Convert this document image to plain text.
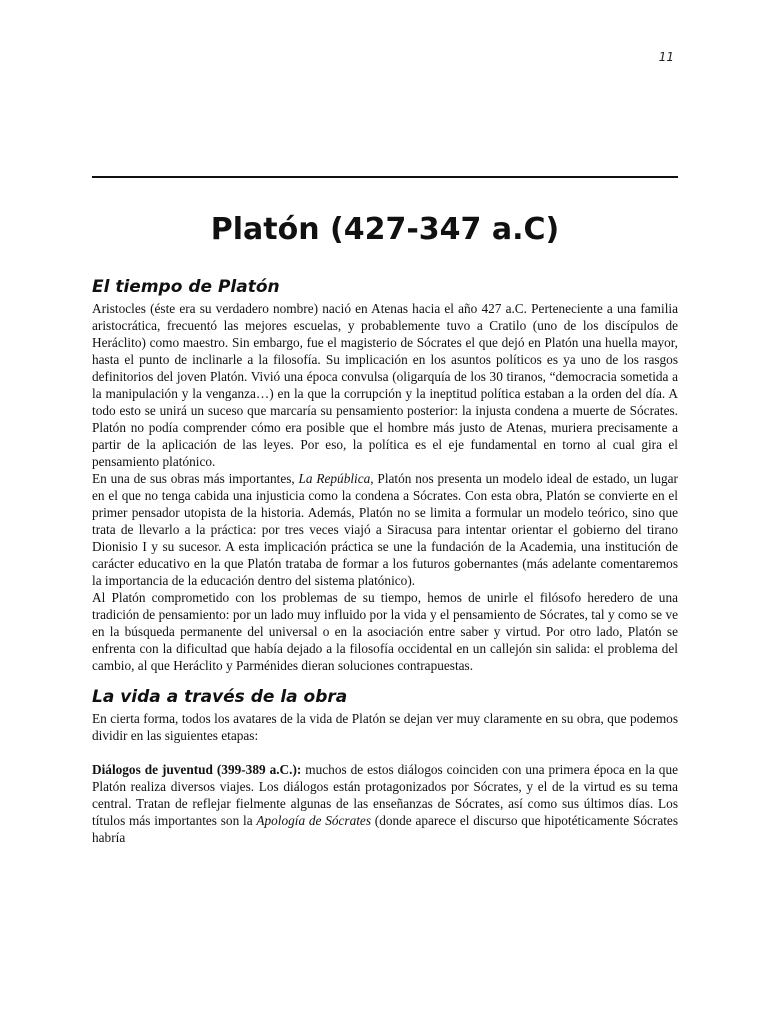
11
Platón (427-347 a.C)
El tiempo de Platón

Aristocles (éste era su verdadero nombre) nació en Atenas hacia el año 427 a.C. Perteneciente a una familia aristocrática, frecuentó las mejores escuelas, y probablemente tuvo a Cratilo (uno de los discípulos de Heráclito) como maestro. Sin embargo, fue el magisterio de Sócrates el que dejó en Platón una huella mayor, hasta el punto de inclinarle a la filosofía. Su implicación en los asuntos políticos es ya uno de los rasgos definitorios del joven Platón. Vivió una época convulsa (oligarquía de los 30 tiranos, “democracia sometida a la manipulación y la venganza…) en la que la corrupción y la ineptitud política estaban a la orden del día. A todo esto se unirá un suceso que marcaría su pensamiento posterior: la injusta condena a muerte de Sócrates. Platón no podía comprender cómo era posible que el hombre más justo de Atenas, muriera precisamente a partir de la aplicación de las leyes. Por eso, la política es el eje fundamental en torno al cual gira el pensamiento platónico.

En una de sus obras más importantes, La República, Platón nos presenta un modelo ideal de estado, un lugar en el que no tenga cabida una injusticia como la condena a Sócrates. Con esta obra, Platón se convierte en el primer pensador utopista de la historia. Además, Platón no se limita a formular un modelo teórico, sino que trata de llevarlo a la práctica: por tres veces viajó a Siracusa para intentar orientar el gobierno del tirano Dionisio I y su sucesor. A esta implicación práctica se une la fundación de la Academia, una institución de carácter educativo en la que Platón trataba de formar a los futuros gobernantes (más adelante comentaremos la importancia de la educación dentro del sistema platónico).

Al Platón comprometido con los problemas de su tiempo, hemos de unirle el filósofo heredero de una tradición de pensamiento: por un lado muy influido por la vida y el pensamiento de Sócrates, tal y como se ve en la búsqueda permanente del universal o en la asociación entre saber y virtud. Por otro lado, Platón se enfrenta con la dificultad que había dejado a la filosofía occidental en un callejón sin salida: el problema del cambio, al que Heráclito y Parménides dieran soluciones contrapuestas.

La vida a través de la obra

En cierta forma, todos los avatares de la vida de Platón se dejan ver muy claramente en su obra, que podemos dividir en las siguientes etapas:

Diálogos de juventud (399-389 a.C.): muchos de estos diálogos coinciden con una primera época en la que Platón realiza diversos viajes. Los diálogos están protagonizados por Sócrates, y el de la virtud es su tema central. Tratan de reflejar fielmente algunas de las enseñanzas de Sócrates, así como sus últimos días. Los títulos más importantes son la Apología de Sócrates (donde aparece el discurso que hipotéticamente Sócrates habría
